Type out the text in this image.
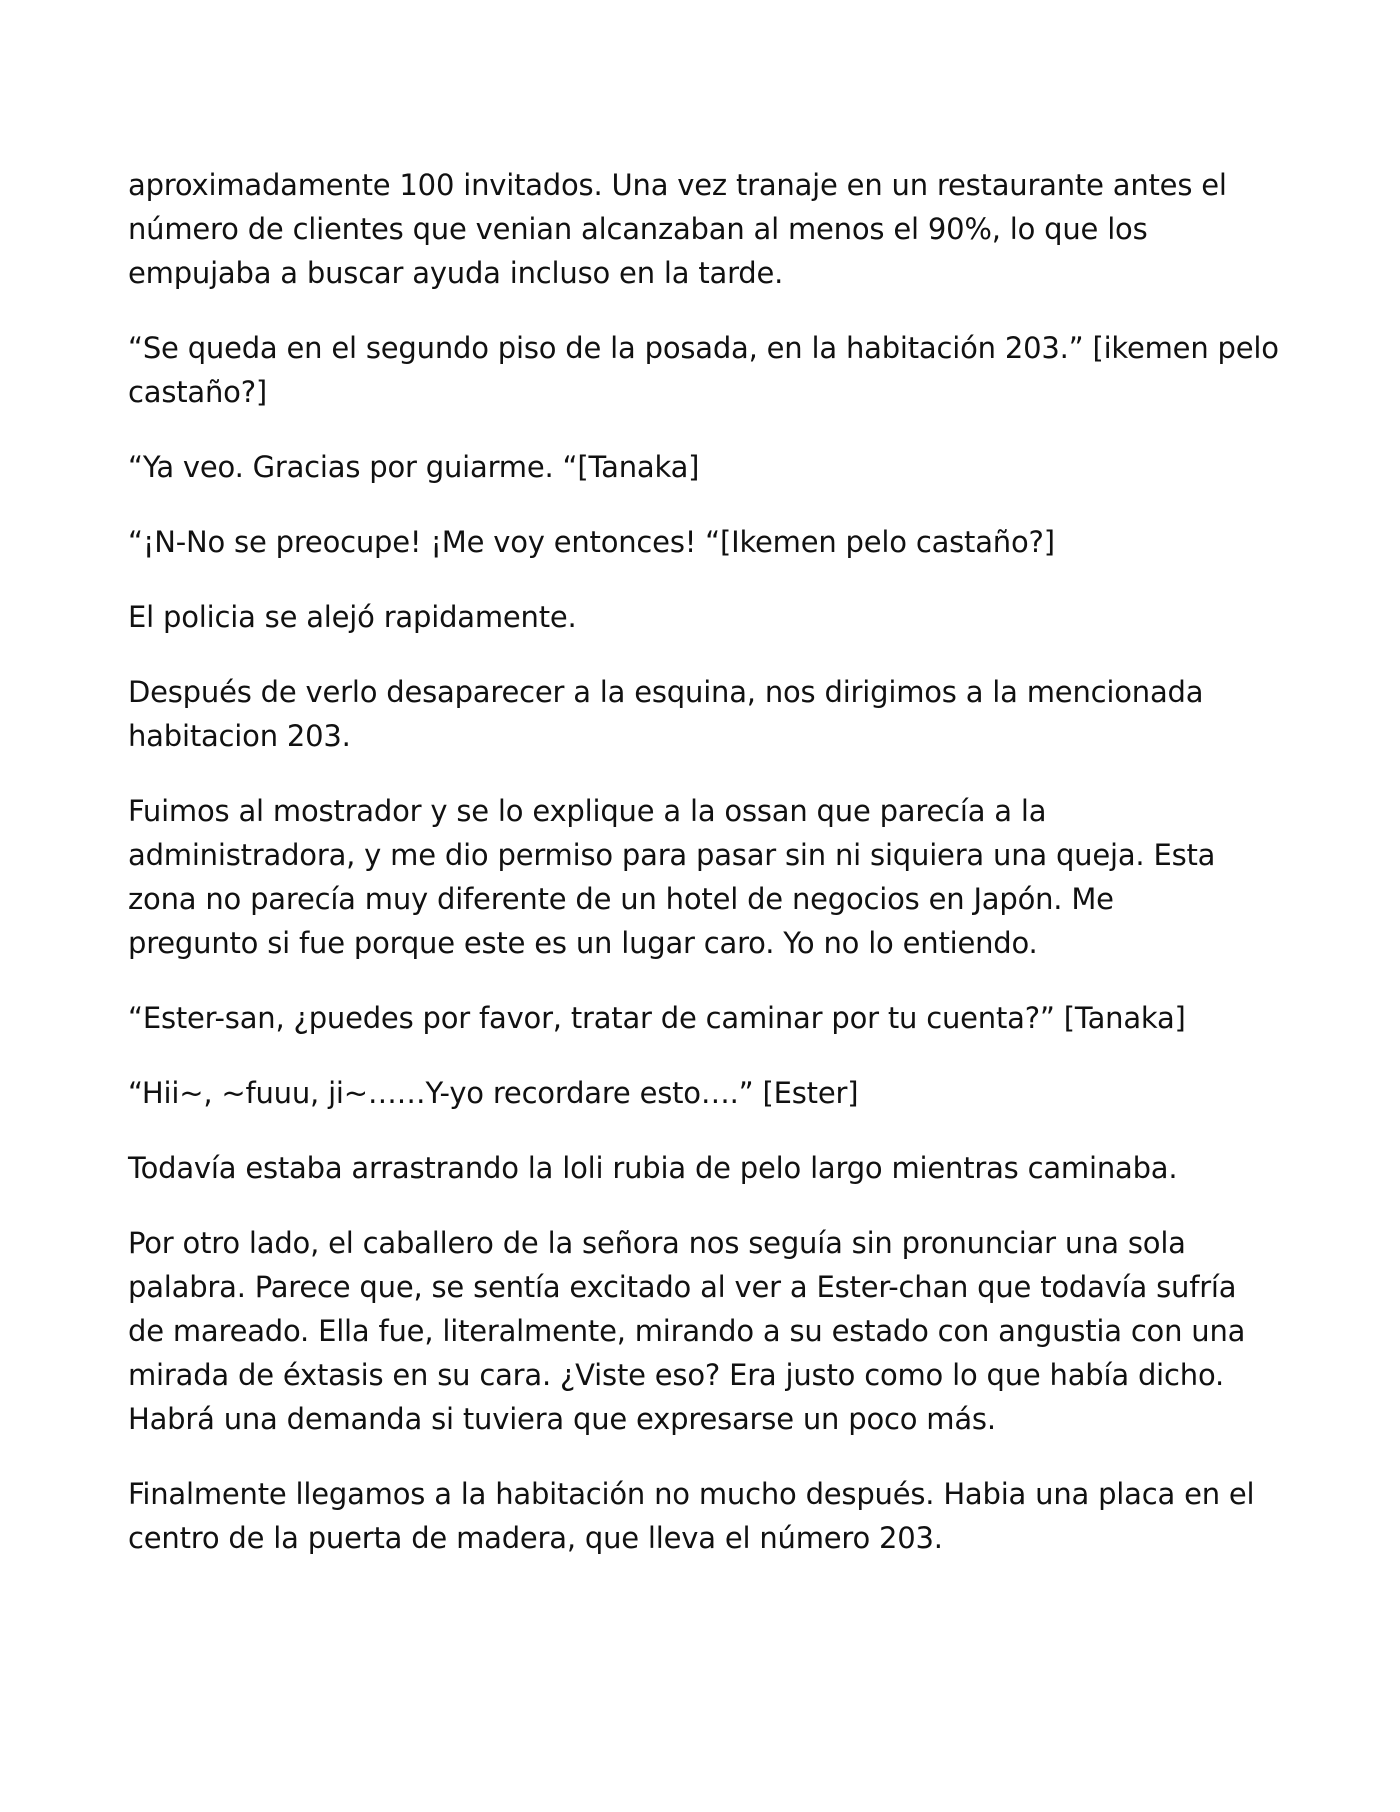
aproximadamente 100 invitados. Una vez tranaje en un restaurante antes el
número de clientes que venian alcanzaban al menos el 90%, lo que los
empujaba a buscar ayuda incluso en la tarde.

“Se queda en el segundo piso de la posada, en la habitación 203.” [ikemen pelo
castaño?]

“Ya veo. Gracias por guiarme. “[Tanaka]

“¡N-No se preocupe! ¡Me voy entonces! “[Ikemen pelo castaño?]

El policia se alejó rapidamente.

Después de verlo desaparecer a la esquina, nos dirigimos a la mencionada
habitacion 203.

Fuimos al mostrador y se lo explique a la ossan que parecía a la
administradora, y me dio permiso para pasar sin ni siquiera una queja. Esta
zona no parecía muy diferente de un hotel de negocios en Japón. Me
pregunto si fue porque este es un lugar caro. Yo no lo entiendo.

“Ester-san, ¿puedes por favor, tratar de caminar por tu cuenta?” [Tanaka]

“Hii~, ~fuuu, ji~……Y-yo recordare esto….” [Ester]

Todavía estaba arrastrando la loli rubia de pelo largo mientras caminaba.

Por otro lado, el caballero de la señora nos seguía sin pronunciar una sola
palabra. Parece que, se sentía excitado al ver a Ester-chan que todavía sufría
de mareado. Ella fue, literalmente, mirando a su estado con angustia con una
mirada de éxtasis en su cara. ¿Viste eso? Era justo como lo que había dicho.
Habrá una demanda si tuviera que expresarse un poco más.

Finalmente llegamos a la habitación no mucho después. Habia una placa en el
centro de la puerta de madera, que lleva el número 203.
